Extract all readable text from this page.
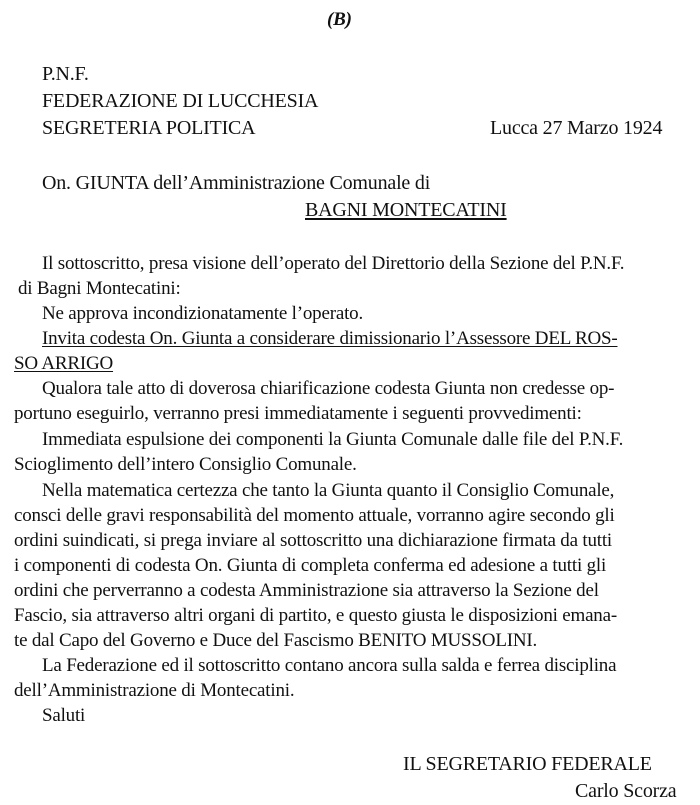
(B)
P.N.F.
FEDERAZIONE DI LUCCHESIA
SEGRETERIA POLITICA	Lucca 27 Marzo 1924
On. GIUNTA dell’Amministrazione Comunale di
BAGNI MONTECATINI
Il sottoscritto, presa visione dell’operato del Direttorio della Sezione del P.N.F.
di Bagni Montecatini:
Ne approva incondizionatamente l’operato.
Invita codesta On. Giunta a considerare dimissionario l’Assessore DEL ROS-
SO ARRIGO
Qualora tale atto di doverosa chiarificazione codesta Giunta non credesse op-
portuno eseguirlo, verranno presi immediatamente i seguenti provvedimenti:
Immediata espulsione dei componenti la Giunta Comunale dalle file del P.N.F.
Scioglimento dell’intero Consiglio Comunale.
Nella matematica certezza che tanto la Giunta quanto il Consiglio Comunale,
consci delle gravi responsabilità del momento attuale, vorranno agire secondo gli
ordini suindicati, si prega inviare al sottoscritto una dichiarazione firmata da tutti
i componenti di codesta On. Giunta di completa conferma ed adesione a tutti gli
ordini che perverranno a codesta Amministrazione sia attraverso la Sezione del
Fascio, sia attraverso altri organi di partito, e questo giusta le disposizioni emana-
te dal Capo del Governo e Duce del Fascismo BENITO MUSSOLINI.
La Federazione ed il sottoscritto contano ancora sulla salda e ferrea disciplina
dell’Amministrazione di Montecatini.
Saluti
IL SEGRETARIO FEDERALE
Carlo Scorza
